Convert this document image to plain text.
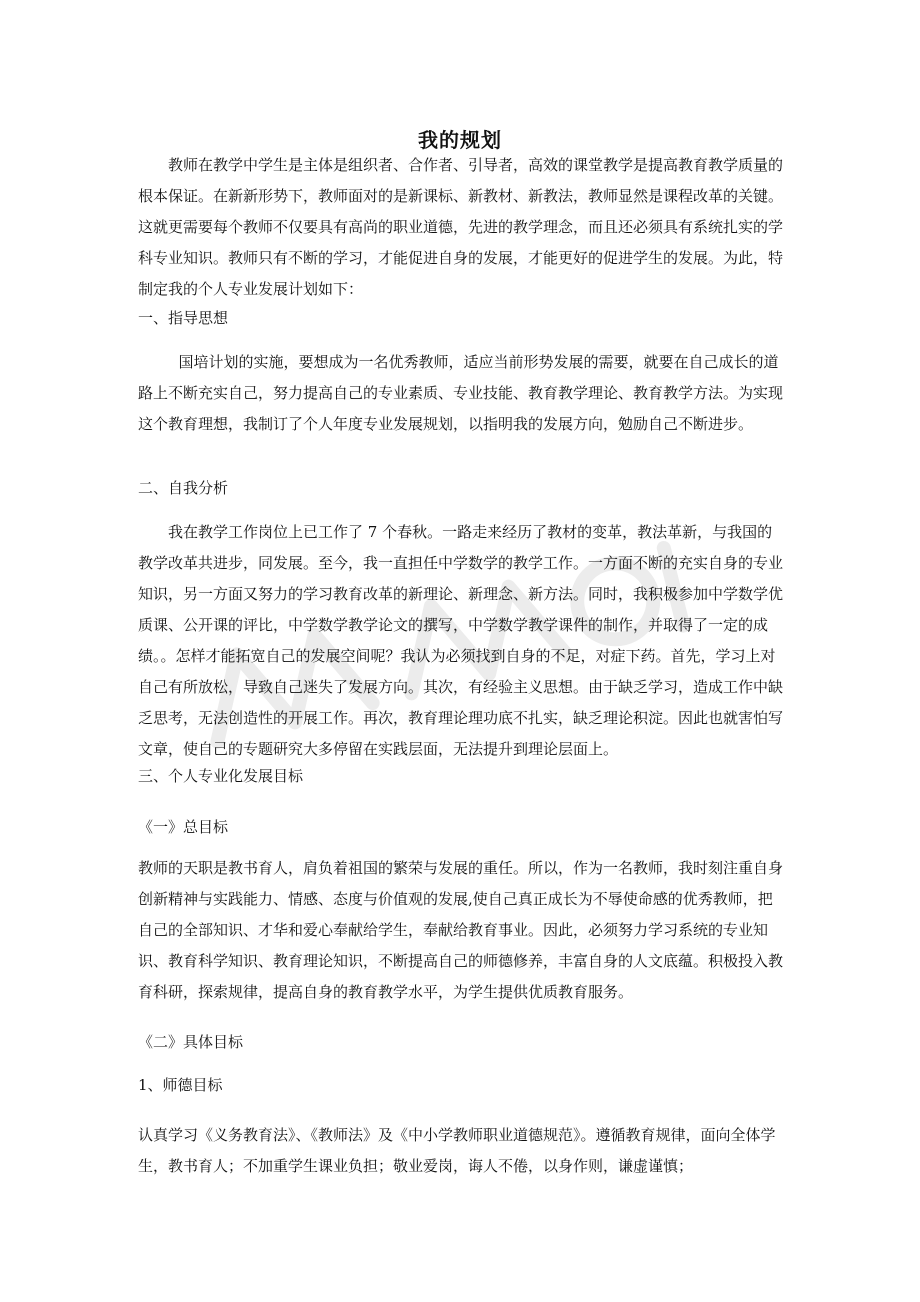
我的规划

教师在教学中学生是主体是组织者、合作者、引导者，高效的课堂教学是提高教育教学质量的根本保证。在新新形势下，教师面对的是新课标、新教材、新教法，教师显然是课程改革的关键。这就更需要每个教师不仅要具有高尚的职业道德，先进的教学理念，而且还必须具有系统扎实的学科专业知识。教师只有不断的学习，才能促进自身的发展，才能更好的促进学生的发展。为此，特制定我的个人专业发展计划如下：

一、指导思想

国培计划的实施，要想成为一名优秀教师，适应当前形势发展的需要，就要在自己成长的道路上不断充实自己，努力提高自己的专业素质、专业技能、教育教学理论、教育教学方法。为实现这个教育理想，我制订了个人年度专业发展规划，以指明我的发展方向，勉励自己不断进步。

二、自我分析

我在教学工作岗位上已工作了 7 个春秋。一路走来经历了教材的变革，教法革新，与我国的教学改革共进步，同发展。至今，我一直担任中学数学的教学工作。一方面不断的充实自身的专业知识，另一方面又努力的学习教育改革的新理论、新理念、新方法。同时，我积极参加中学数学优质课、公开课的评比，中学数学教学论文的撰写，中学数学教学课件的制作，并取得了一定的成绩。。怎样才能拓宽自己的发展空间呢？我认为必须找到自身的不足，对症下药。首先，学习上对自己有所放松，导致自己迷失了发展方向。其次，有经验主义思想。由于缺乏学习，造成工作中缺乏思考，无法创造性的开展工作。再次，教育理论理功底不扎实，缺乏理论积淀。因此也就害怕写文章，使自己的专题研究大多停留在实践层面，无法提升到理论层面上。

三、个人专业化发展目标

《一》总目标

教师的天职是教书育人，肩负着祖国的繁荣与发展的重任。所以，作为一名教师，我时刻注重自身创新精神与实践能力、情感、态度与价值观的发展,使自己真正成长为不辱使命感的优秀教师，把自己的全部知识、才华和爱心奉献给学生，奉献给教育事业。因此，必须努力学习系统的专业知识、教育科学知识、教育理论知识，不断提高自己的师德修养，丰富自身的人文底蕴。积极投入教育科研，探索规律，提高自身的教育教学水平，为学生提供优质教育服务。

《二》具体目标

1、师德目标

认真学习《义务教育法》、《教师法》及《中小学教师职业道德规范》。遵循教育规律，面向全体学生，教书育人；不加重学生课业负担；敬业爱岗，诲人不倦，以身作则，谦虚谨慎；
